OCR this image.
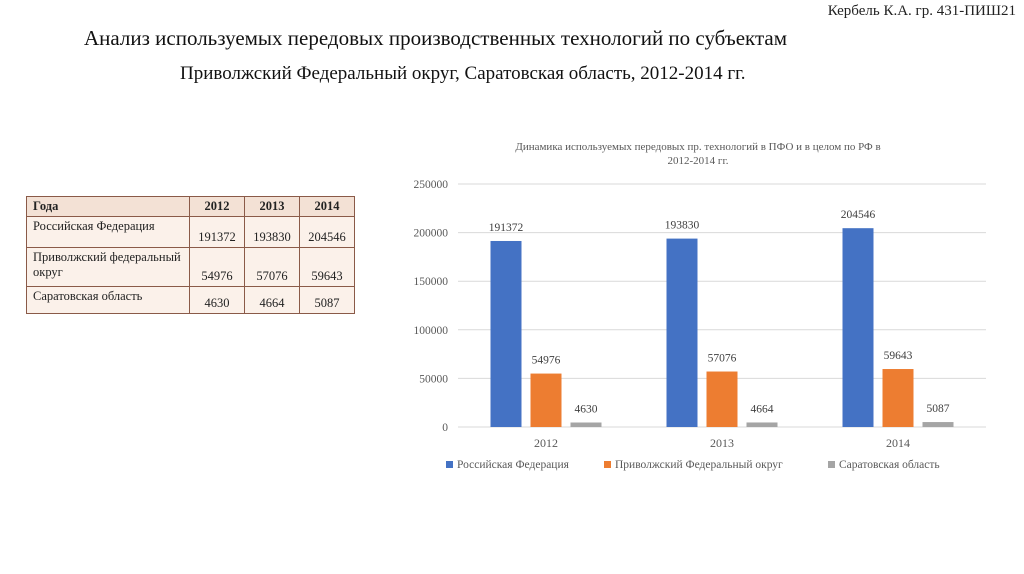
Кербель К.А. гр. 431-ПИШ21
Анализ используемых передовых производственных технологий по субъектам
Приволжский Федеральный округ, Саратовская область, 2012-2014 гг.
Года	2012	2013	2014
Российская Федерация	191372	193830	204546
Приволжский федеральный округ	54976	57076	59643
Саратовская область	4630	4664	5087
Динамика используемых передовых пр. технологий в ПФО и в целом по РФ в
2012-2014 гг.
0
50000
100000
150000
200000
250000
191372
54976
4630
2012
193830
57076
4664
2013
204546
59643
5087
2014
Российская Федерация	Приволжский Федеральный округ	Саратовская область
